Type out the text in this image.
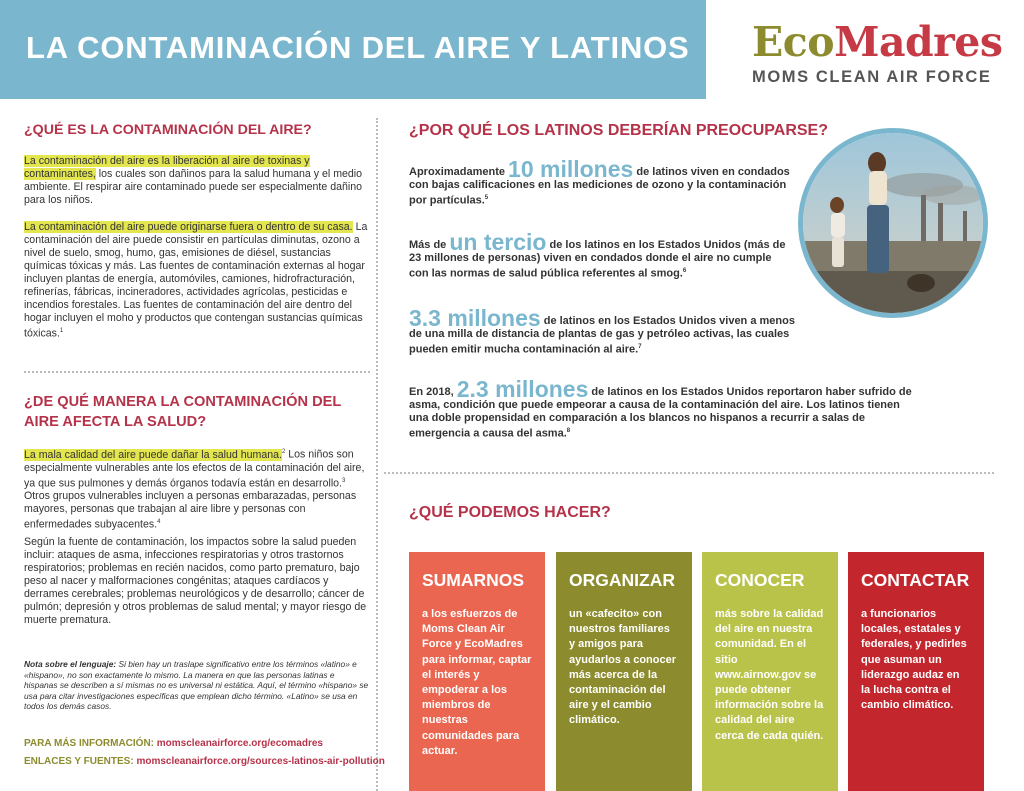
LA CONTAMINACIÓN DEL AIRE Y LATINOS EcoMadres
MOMS CLEAN AIR FORCE
¿QUÉ ES LA CONTAMINACIÓN DEL AIRE?
La contaminación del aire es la liberación al aire de toxinas y contaminantes, los cuales son dañinos para la salud humana y el medio ambiente. El respirar aire contaminado puede ser especialmente dañino para los niños.
La contaminación del aire puede originarse fuera o dentro de su casa. La contaminación del aire puede consistir en partículas diminutas, ozono a nivel de suelo, smog, humo, gas, emisiones de diésel, sustancias químicas tóxicas y más. Las fuentes de contaminación externas al hogar incluyen plantas de energía, automóviles, camiones, hidrofracturación, refinerías, fábricas, incineradores, actividades agrícolas, pesticidas e incendios forestales. Las fuentes de contaminación del aire dentro del hogar incluyen el moho y productos que contengan sustancias químicas tóxicas.$^1$
¿DE QUÉ MANERA LA CONTAMINACIÓN DEL AIRE AFECTA LA SALUD?
La mala calidad del aire puede dañar la salud humana.$^2$ Los niños son especialmente vulnerables ante los efectos de la contaminación del aire, ya que sus pulmones y demás órganos todavía están en desarrollo.$^3$ Otros grupos vulnerables incluyen a personas embarazadas, personas mayores, personas que trabajan al aire libre y personas con enfermedades subyacentes.$^4$
Según la fuente de contaminación, los impactos sobre la salud pueden incluir: ataques de asma, infecciones respiratorias y otros trastornos respiratorios; problemas en recién nacidos, como parto prematuro, bajo peso al nacer y malformaciones congénitas; ataques cardíacos y derrames cerebrales; problemas neurológicos y de desarrollo; cáncer de pulmón; depresión y otros problemas de salud mental; y mayor riesgo de muerte prematura.
Nota sobre el lenguaje: Si bien hay un traslape significativo entre los términos «latino» e «hispano», no son exactamente lo mismo. La manera en que las personas latinas e hispanas se describen a sí mismas no es universal ni estática. Aquí, el término «hispano» se usa para citar investigaciones específicas que emplean dicho término. «Latino» se usa en todos los demás casos.
PARA MÁS INFORMACIÓN: momscleanairforce.org/ecomadres
ENLACES Y FUENTES: momscleanairforce.org/sources-latinos-air-pollution
¿POR QUÉ LOS LATINOS DEBERÍAN PREOCUPARSE?
Aproximadamente 10 millones de latinos viven en condados con bajas calificaciones en las mediciones de ozono y la contaminación por partículas.$^5$
Más de un tercio de los latinos en los Estados Unidos (más de 23 millones de personas) viven en condados donde el aire no cumple con las normas de salud pública referentes al smog.$^6$
3.3 millones de latinos en los Estados Unidos viven a menos de una milla de distancia de plantas de gas y petróleo activas, las cuales pueden emitir mucha contaminación al aire.$^7$
En 2018, 2.3 millones de latinos en los Estados Unidos reportaron haber sufrido de asma, condición que puede empeorar a causa de la contaminación del aire. Los latinos tienen una doble propensidad en comparación a los blancos no hispanos a recurrir a salas de emergencia a causa del asma.$^8$
¿QUÉ PODEMOS HACER?
SUMARNOS
a los esfuerzos de Moms Clean Air Force y EcoMadres para informar, captar el interés y empoderar a los miembros de nuestras comunidades para actuar.
ORGANIZAR
un «cafecito» con nuestros familiares y amigos para ayudarlos a conocer más acerca de la contaminación del aire y el cambio climático.
CONOCER
más sobre la calidad del aire en nuestra comunidad. En el sitio www.airnow.gov se puede obtener información sobre la calidad del aire cerca de cada quién.
CONTACTAR
a funcionarios locales, estatales y federales, y pedirles que asuman un liderazgo audaz en la lucha contra el cambio climático.
